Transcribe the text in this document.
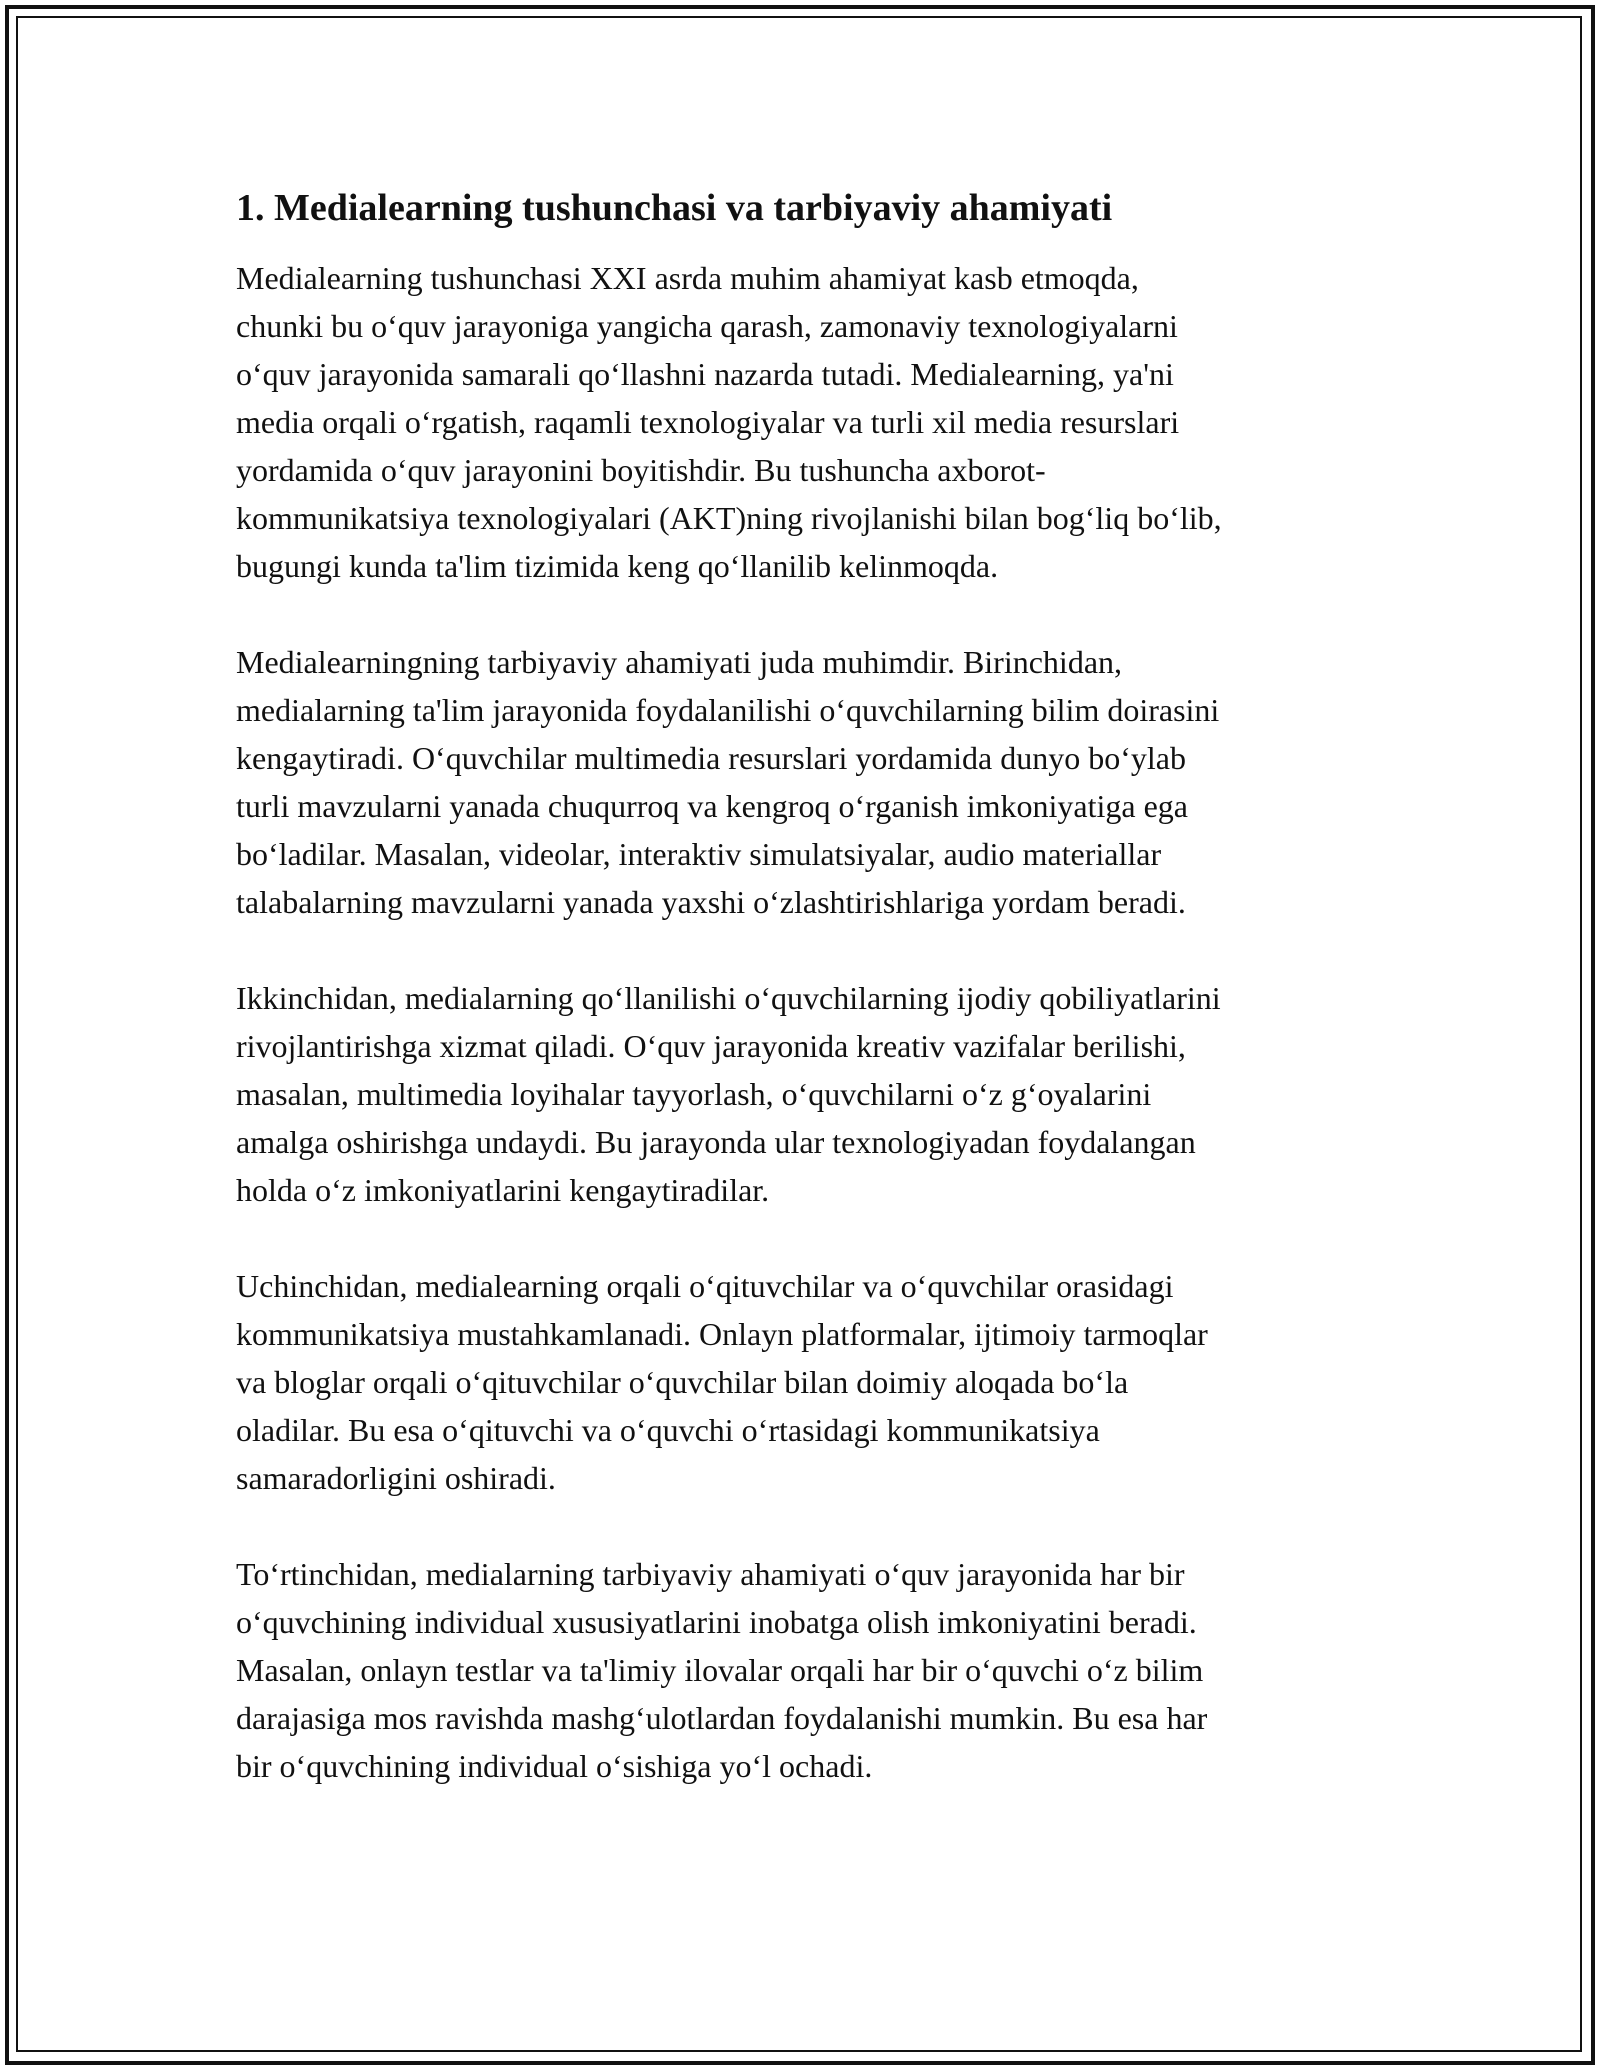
1. Medialearning tushunchasi va tarbiyaviy ahamiyati

Medialearning tushunchasi XXI asrda muhim ahamiyat kasb etmoqda,
chunki bu o‘quv jarayoniga yangicha qarash, zamonaviy texnologiyalarni
o‘quv jarayonida samarali qo‘llashni nazarda tutadi. Medialearning, ya'ni
media orqali o‘rgatish, raqamli texnologiyalar va turli xil media resurslari
yordamida o‘quv jarayonini boyitishdir. Bu tushuncha axborot-
kommunikatsiya texnologiyalari (AKT)ning rivojlanishi bilan bog‘liq bo‘lib,
bugungi kunda ta'lim tizimida keng qo‘llanilib kelinmoqda.

Medialearningning tarbiyaviy ahamiyati juda muhimdir. Birinchidan,
medialarning ta'lim jarayonida foydalanilishi o‘quvchilarning bilim doirasini
kengaytiradi. O‘quvchilar multimedia resurslari yordamida dunyo bo‘ylab
turli mavzularni yanada chuqurroq va kengroq o‘rganish imkoniyatiga ega
bo‘ladilar. Masalan, videolar, interaktiv simulatsiyalar, audio materiallar
talabalarning mavzularni yanada yaxshi o‘zlashtirishlariga yordam beradi.

Ikkinchidan, medialarning qo‘llanilishi o‘quvchilarning ijodiy qobiliyatlarini
rivojlantirishga xizmat qiladi. O‘quv jarayonida kreativ vazifalar berilishi,
masalan, multimedia loyihalar tayyorlash, o‘quvchilarni o‘z g‘oyalarini
amalga oshirishga undaydi. Bu jarayonda ular texnologiyadan foydalangan
holda o‘z imkoniyatlarini kengaytiradilar.

Uchinchidan, medialearning orqali o‘qituvchilar va o‘quvchilar orasidagi
kommunikatsiya mustahkamlanadi. Onlayn platformalar, ijtimoiy tarmoqlar
va bloglar orqali o‘qituvchilar o‘quvchilar bilan doimiy aloqada bo‘la
oladilar. Bu esa o‘qituvchi va o‘quvchi o‘rtasidagi kommunikatsiya
samaradorligini oshiradi.

To‘rtinchidan, medialarning tarbiyaviy ahamiyati o‘quv jarayonida har bir
o‘quvchining individual xususiyatlarini inobatga olish imkoniyatini beradi.
Masalan, onlayn testlar va ta'limiy ilovalar orqali har bir o‘quvchi o‘z bilim
darajasiga mos ravishda mashg‘ulotlardan foydalanishi mumkin. Bu esa har
bir o‘quvchining individual o‘sishiga yo‘l ochadi.
